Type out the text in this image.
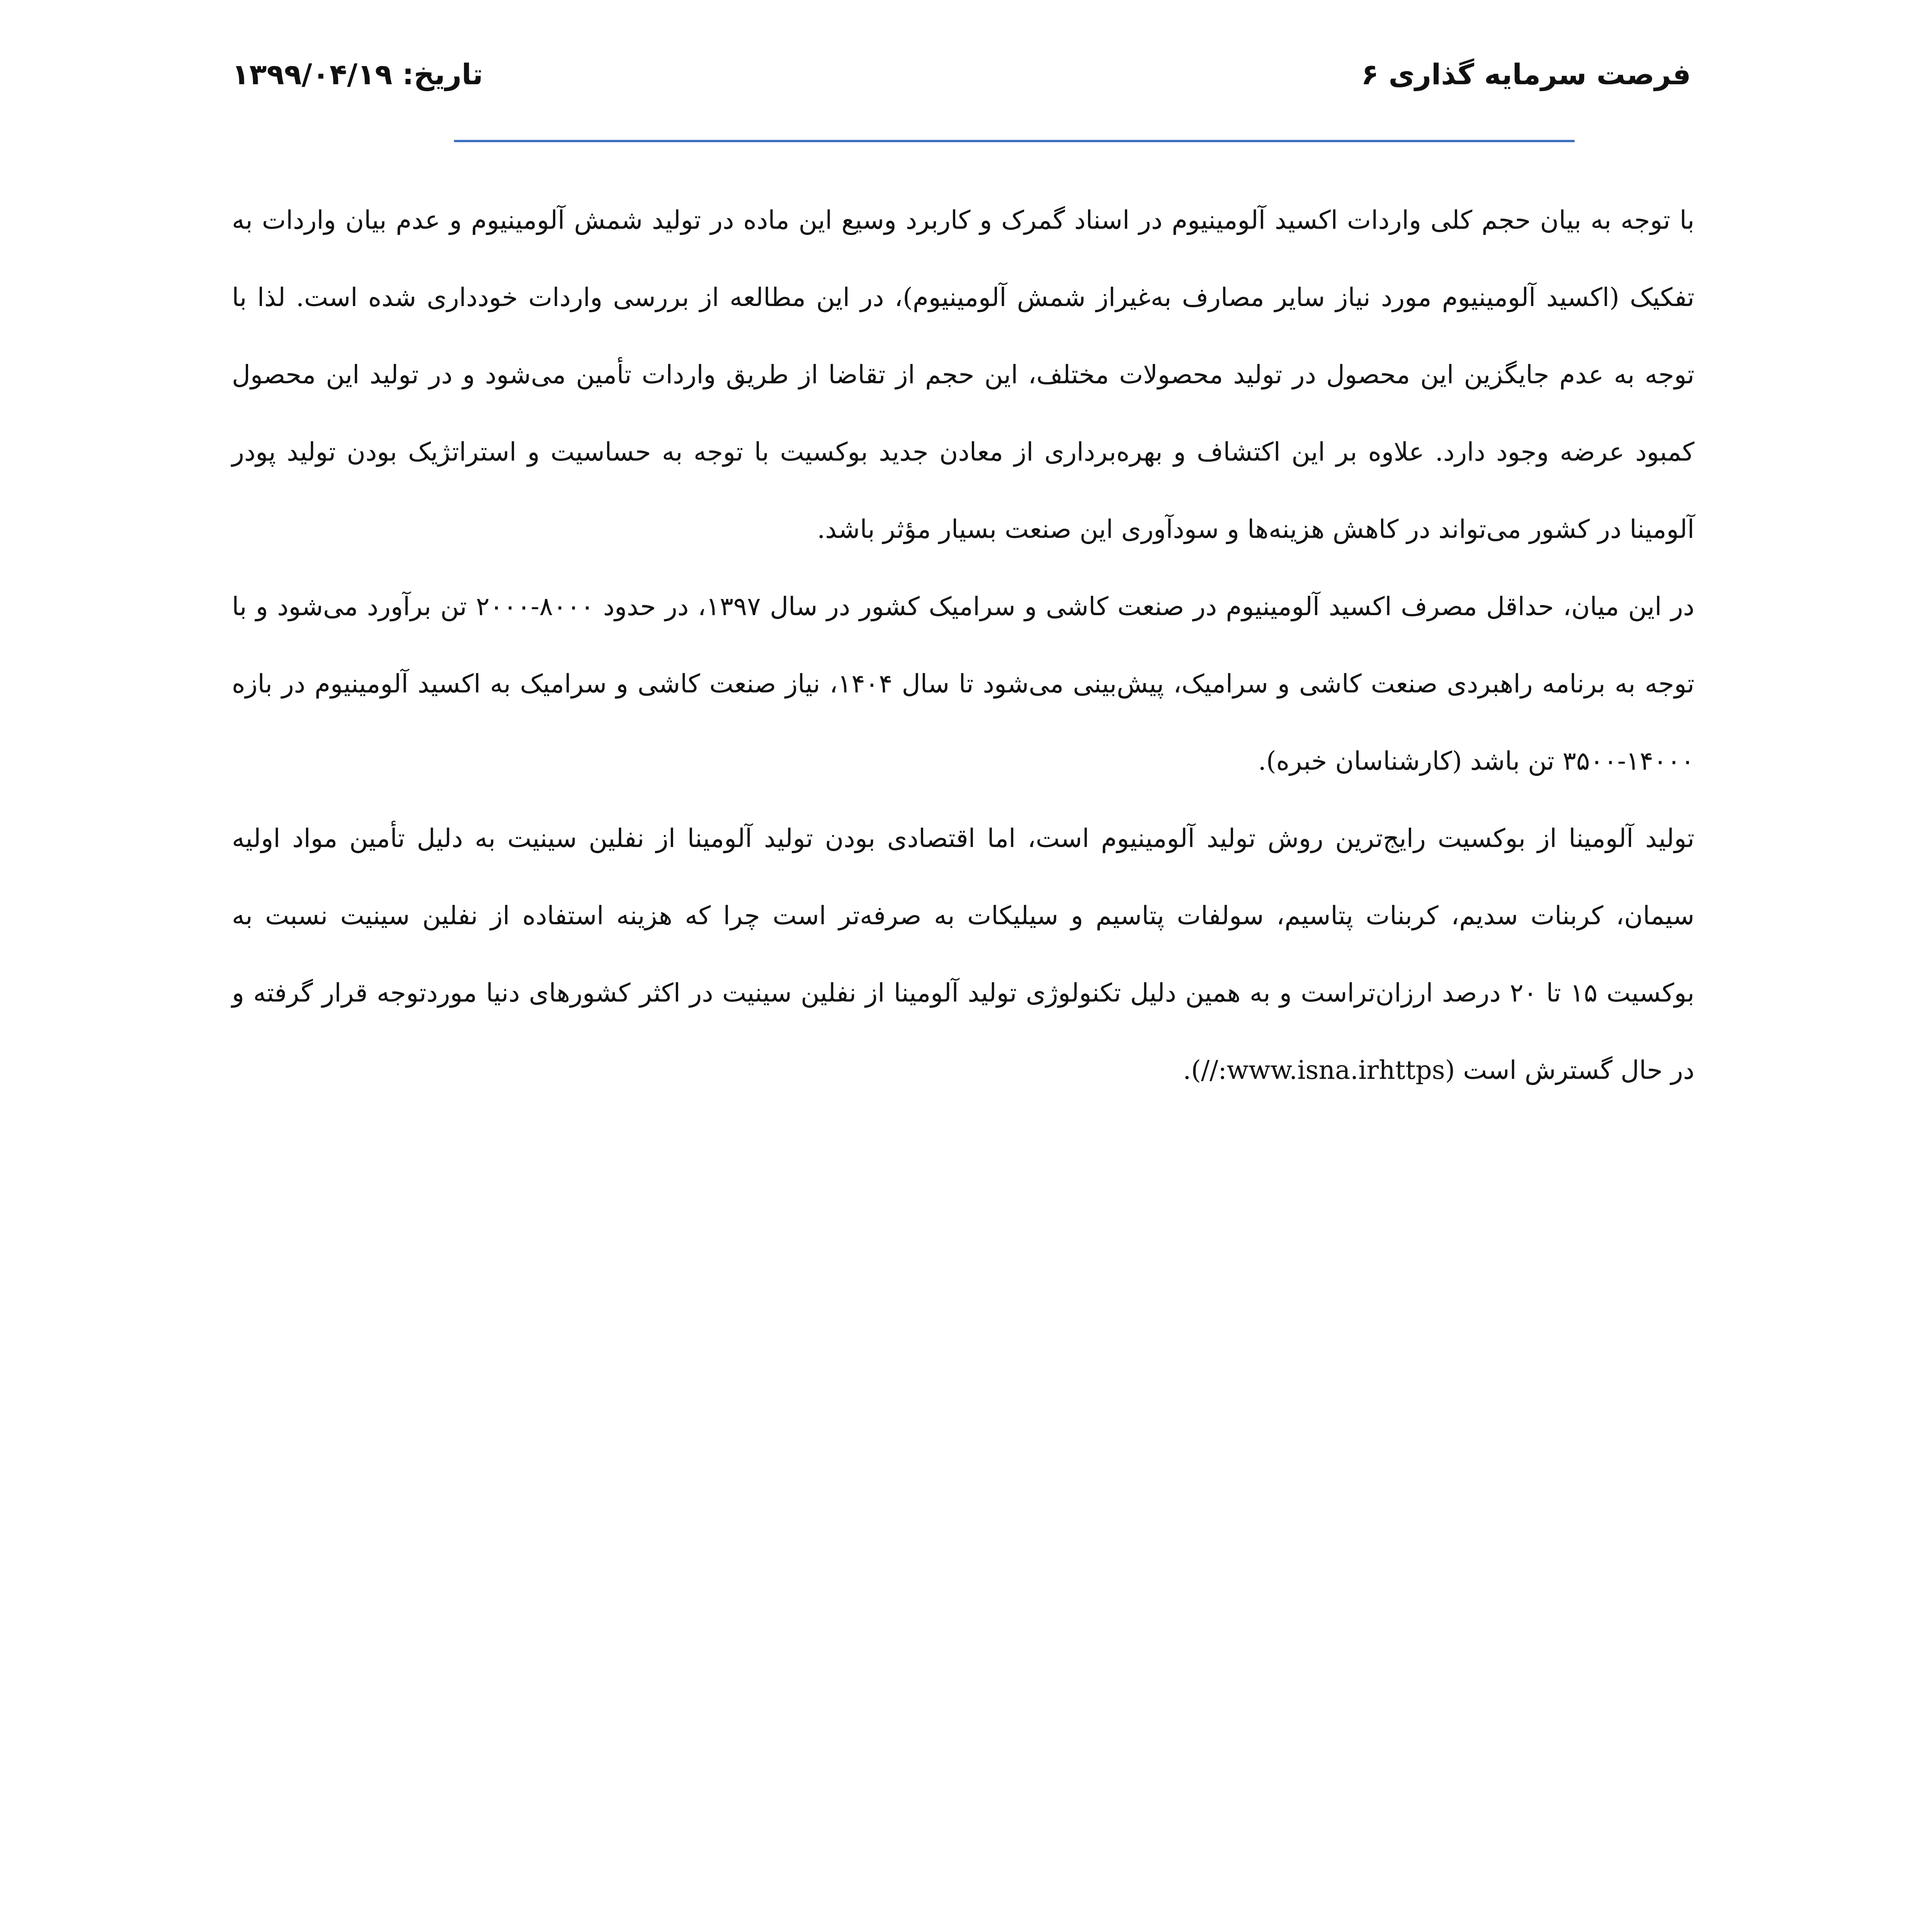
فرصت سرمایه گذاری ۶
تاریخ: ۱۳۹۹/۰۴/۱۹

با توجه به بیان حجم کلی واردات اکسید آلومینیوم در اسناد گمرک و کاربرد وسیع این ماده در تولید شمش آلومینیوم و عدم بیان واردات به تفکیک (اکسید آلومینیوم مورد نیاز سایر مصارف به‌غیراز شمش آلومینیوم)، در این مطالعه از بررسی واردات خودداری شده است. لذا با توجه به عدم جایگزین این محصول در تولید محصولات مختلف، این حجم از تقاضا از طریق واردات تأمین می‌شود و در تولید این محصول کمبود عرضه وجود دارد. علاوه بر این اکتشاف و بهره‌برداری از معادن جدید بوکسیت با توجه به حساسیت و استراتژیک بودن تولید پودر آلومینا در کشور می‌تواند در کاهش هزینه‌ها و سودآوری این صنعت بسیار مؤثر باشد.

در این میان، حداقل مصرف اکسید آلومینیوم در صنعت کاشی و سرامیک کشور در سال ۱۳۹۷، در حدود ۸۰۰۰-۲۰۰۰ تن برآورد می‌شود و با توجه به برنامه راهبردی صنعت کاشی و سرامیک، پیش‌بینی می‌شود تا سال ۱۴۰۴، نیاز صنعت کاشی و سرامیک به اکسید آلومینیوم در بازه ۱۴۰۰۰-۳۵۰۰ تن باشد (کارشناسان خبره).

تولید آلومینا از بوکسیت رایج‌ترین روش تولید آلومینیوم است، اما اقتصادی بودن تولید آلومینا از نفلین سینیت به دلیل تأمین مواد اولیه سیمان، کربنات سدیم، کربنات پتاسیم، سولفات پتاسیم و سیلیکات به صرفه‌تر است چرا که هزینه استفاده از نفلین سینیت نسبت به بوکسیت ۱۵ تا ۲۰ درصد ارزان‌تراست و به همین دلیل تکنولوژی تولید آلومینا از نفلین سینیت در اکثر کشورهای دنیا موردتوجه قرار گرفته و در حال گسترش است (www.isna.irhttps://).
